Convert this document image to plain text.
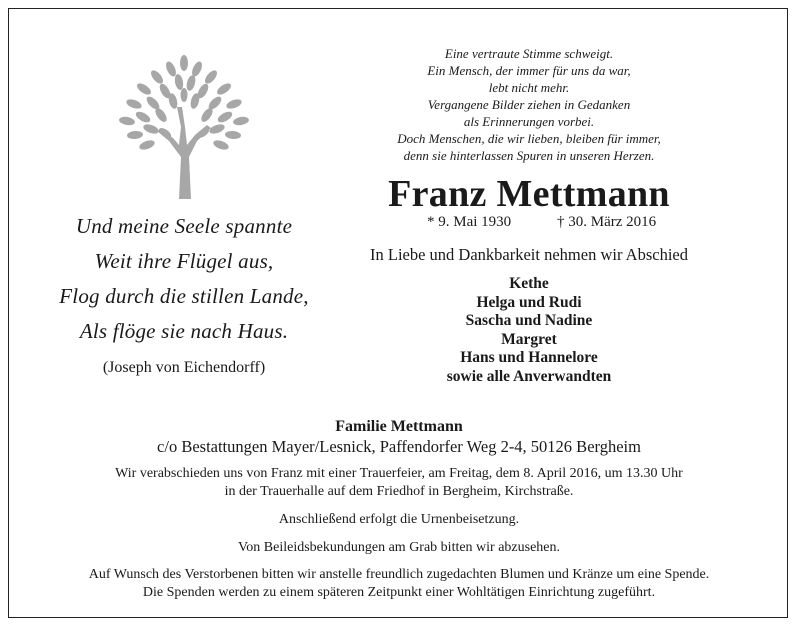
Und meine Seele spannte
Weit ihre Flügel aus,
Flog durch die stillen Lande,
Als flöge sie nach Haus.
(Joseph von Eichendorff)
Eine vertraute Stimme schweigt.
Ein Mensch, der immer für uns da war,
lebt nicht mehr.
Vergangene Bilder ziehen in Gedanken
als Erinnerungen vorbei.
Doch Menschen, die wir lieben, bleiben für immer,
denn sie hinterlassen Spuren in unseren Herzen.
Franz Mettmann
* 9. Mai 1930	† 30. März 2016
In Liebe und Dankbarkeit nehmen wir Abschied
Kethe
Helga und Rudi
Sascha und Nadine
Margret
Hans und Hannelore
sowie alle Anverwandten
Familie Mettmann
c/o Bestattungen Mayer/Lesnick, Paffendorfer Weg 2-4, 50126 Bergheim
Wir verabschieden uns von Franz mit einer Trauerfeier, am Freitag, dem 8. April 2016, um 13.30 Uhr
in der Trauerhalle auf dem Friedhof in Bergheim, Kirchstraße.
Anschließend erfolgt die Urnenbeisetzung.
Von Beileidsbekundungen am Grab bitten wir abzusehen.
Auf Wunsch des Verstorbenen bitten wir anstelle freundlich zugedachten Blumen und Kränze um eine Spende.
Die Spenden werden zu einem späteren Zeitpunkt einer Wohltätigen Einrichtung zugeführt.
